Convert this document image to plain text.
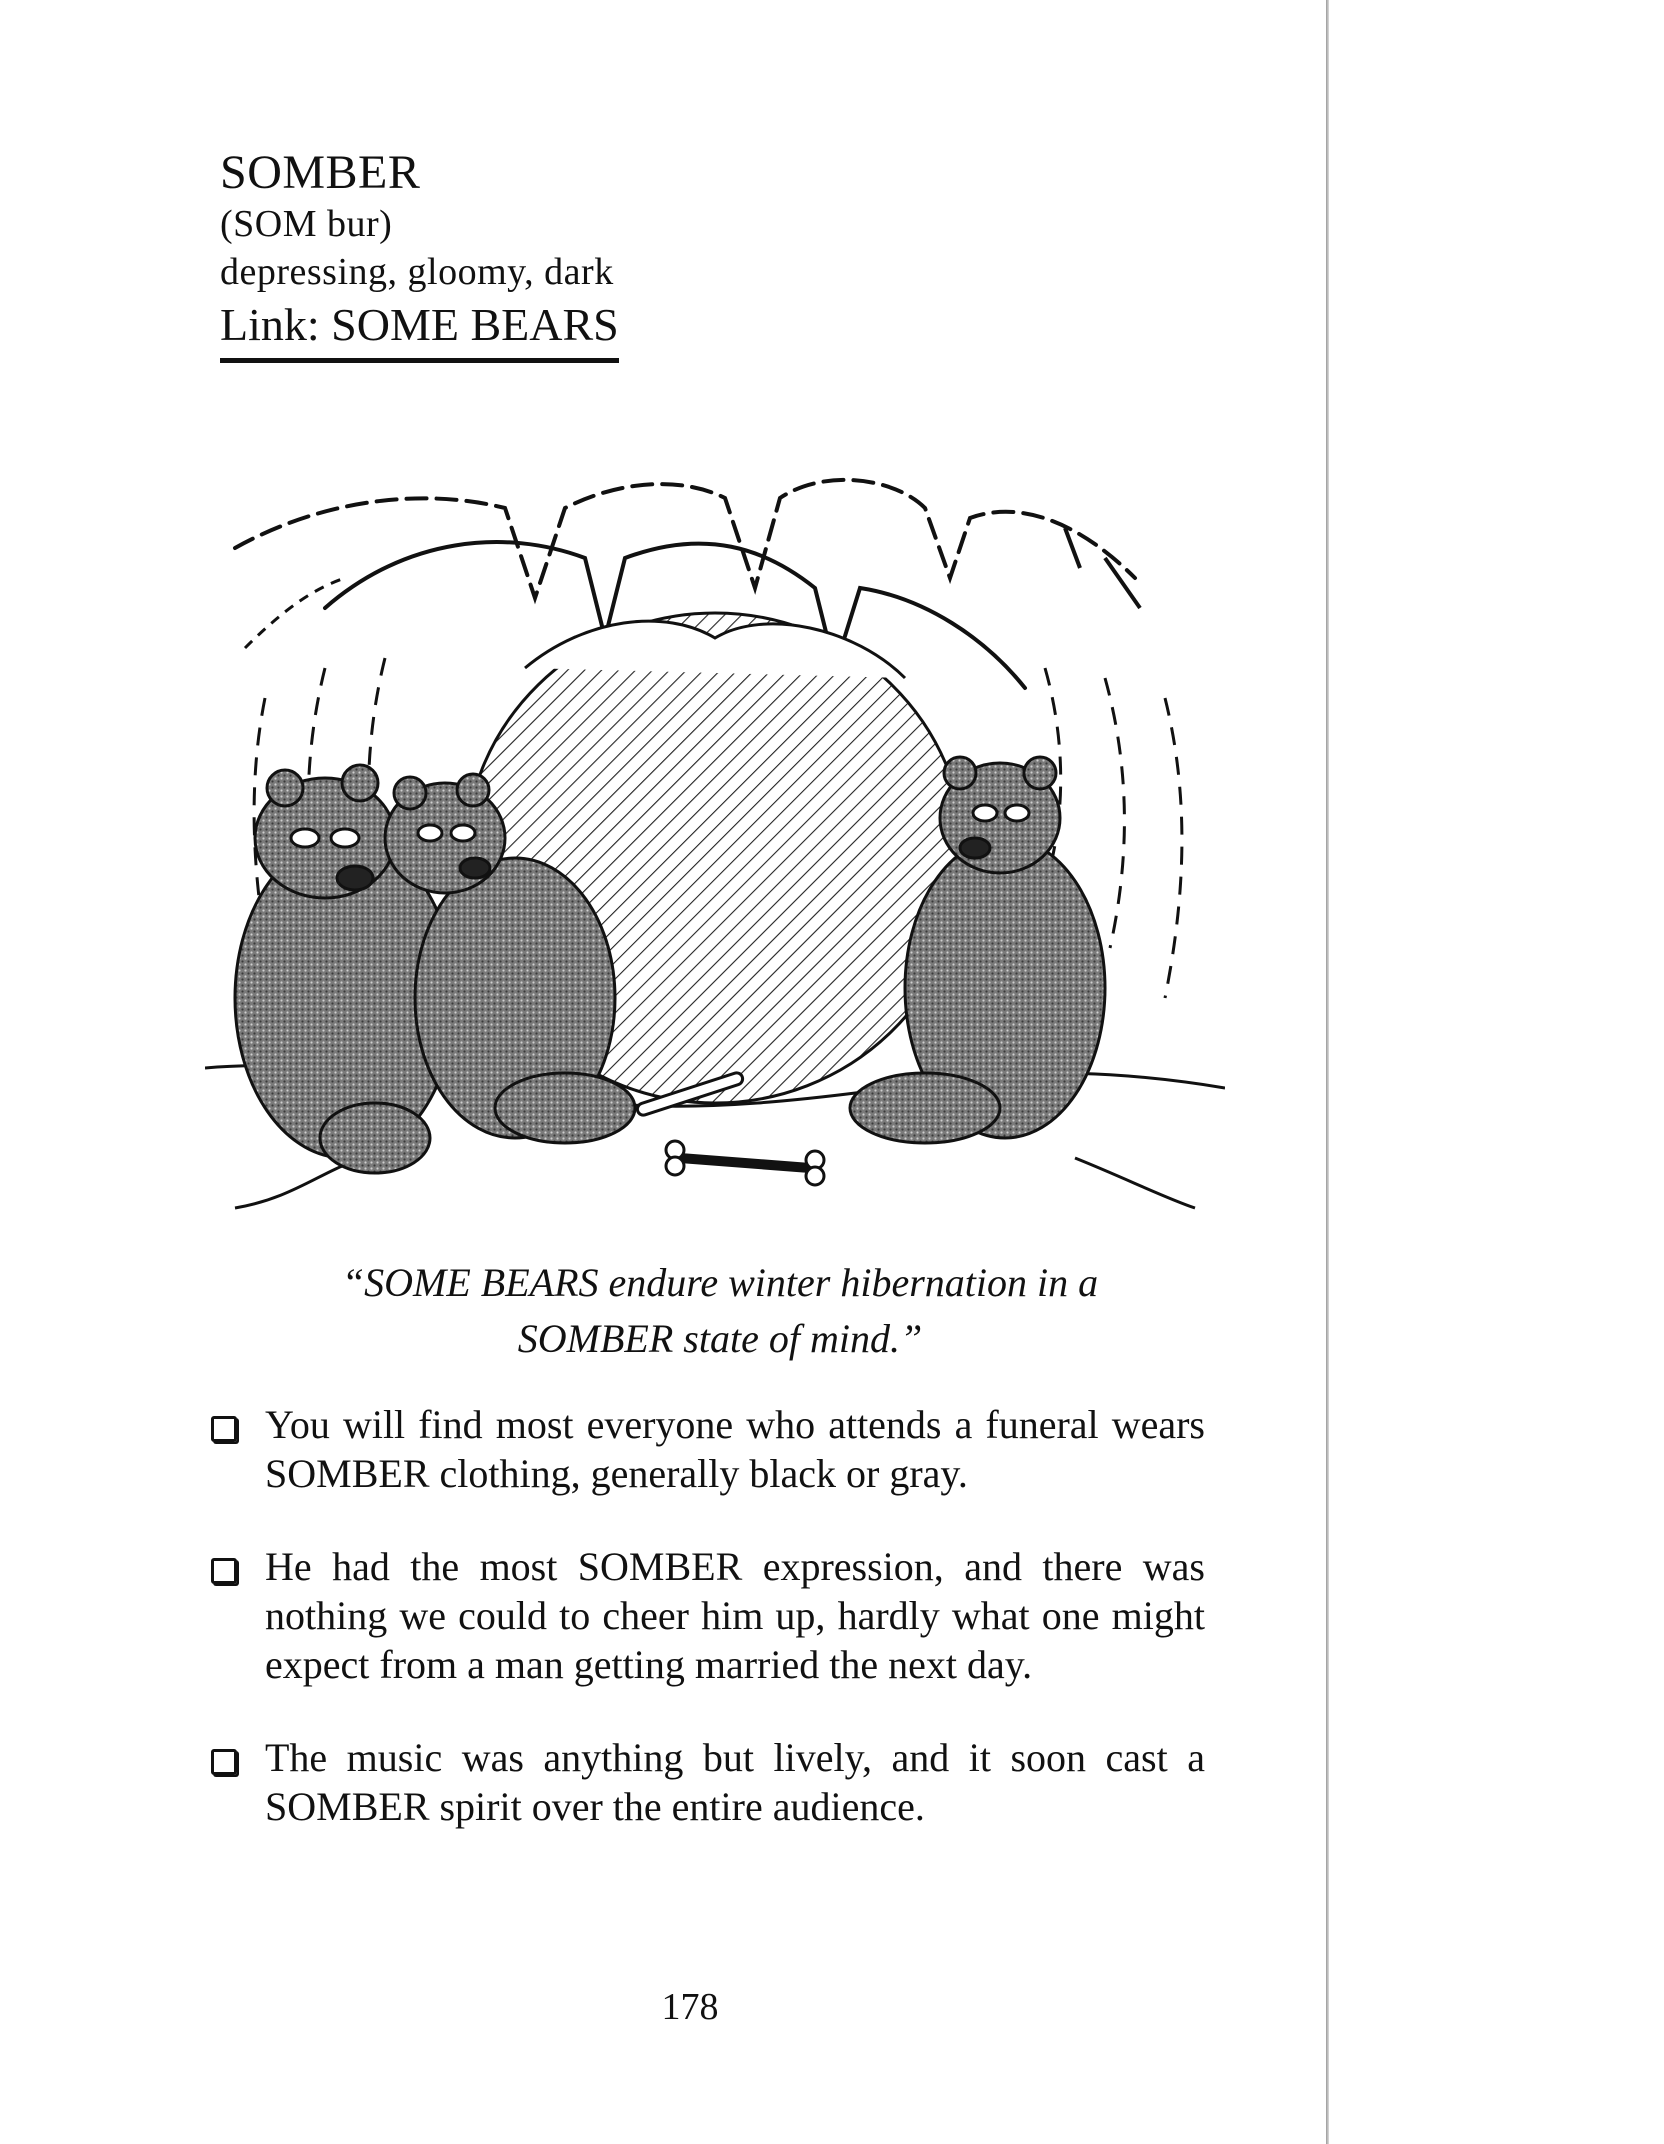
SOMBER
(SOM bur)
depressing, gloomy, dark
Link: SOME BEARS
“SOME BEARS endure winter hibernation in a
SOMBER state of mind.”
You will find most everyone who attends a funeral wears SOMBER clothing, generally black or gray.
He had the most SOMBER expression, and there was nothing we could to cheer him up, hardly what one might expect from a man getting married the next day.
The music was anything but lively, and it soon cast a SOMBER spirit over the entire audience.
178
